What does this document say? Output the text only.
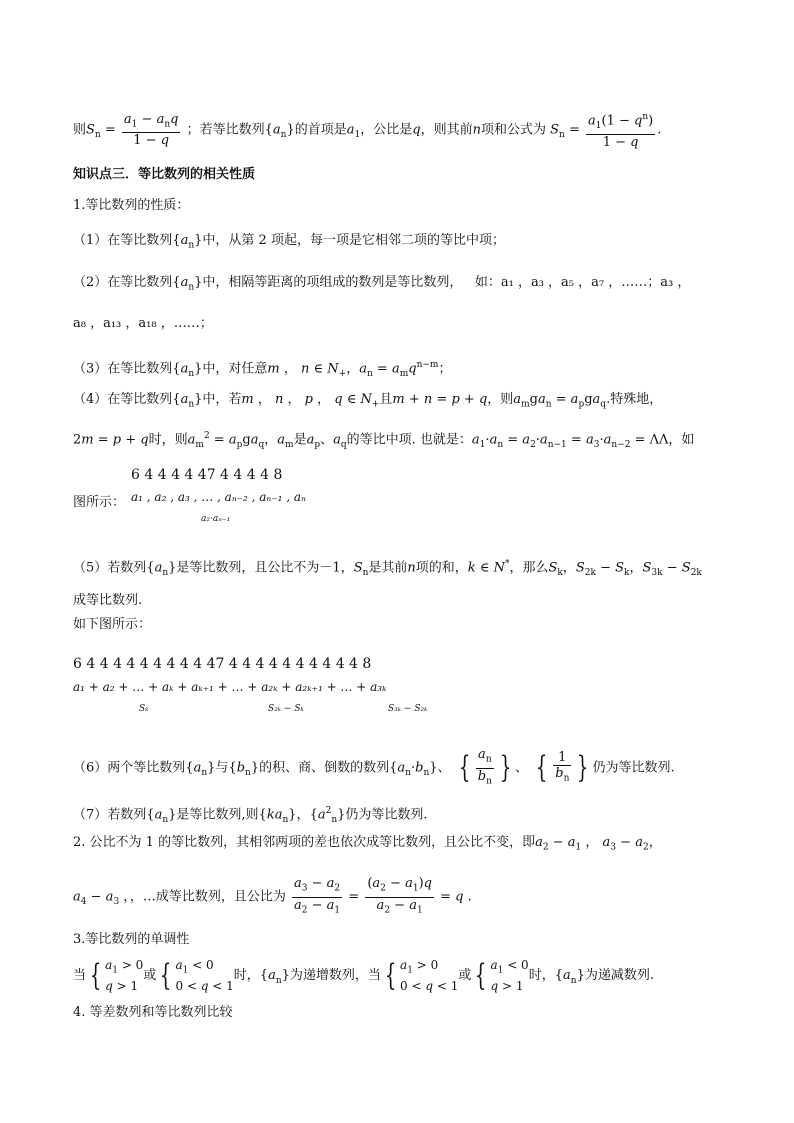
则$S_n = \frac{a_1 - a_nq}{1 - q}$ ；若等比数列$\{a_n\}$的首项是$a_1$，公比是q，则其前n项和公式为 $S_n = \frac{a_1(1 - q^n)}{1 - q}$ .
知识点三．等比数列的相关性质
1.等比数列的性质：
（1）在等比数列$\{a_n\}$中，从第 2 项起，每一项是它相邻二项的等比中项；
（2）在等比数列$\{a_n\}$中，相隔等距离的项组成的数列是等比数列， 如：a₁ ，a₃ ，a₅ ，a₇ ，……；a₃ ，
a₈ ，a₁₃ ，a₁₈ ，……；
（3）在等比数列$\{a_n\}$中，对任意m ， n ∈ $N_+$，$a_n = a_mq^{n-m}$；
（4）在等比数列$\{a_n\}$中，若m ， n ， p ， q ∈ $N_+$且m + n = p + q，则$a_mga_n = a_pga_q$.特殊地，
2m = p + q时，则$a_m^2 = a_pga_q$，$a_m$是$a_p$、$a_q$的等比中项. 也就是：$a_1\cdot a_n = a_2\cdot a_{n-1} = a_3\cdot a_{n-2} = \Lambda\Lambda$，如
6 4 4 4 4 47 4 4 4 4 8
图所示： a₁ , a₂ , a₃ , … , aₙ₋₂ , aₙ₋₁ , aₙ
a₂·aₙ₋₁
（5）若数列$\{a_n\}$是等比数列，且公比不为－1，$S_n$是其前n项的和，k ∈ N*，那么$S_k$，$S_{2k} - S_k$，$S_{3k} - S_{2k}$
成等比数列.
如下图所示：
6 4 4 4 4 4 4 4 4 4 47 4 4 4 4 4 4 4 4 4 4 8
a₁ + a₂ + … + aₖ + aₖ₊₁ + … + a₂ₖ + a₂ₖ₊₁ + … + a₃ₖ
Sₖ	S₂ₖ − Sₖ	S₃ₖ − S₂ₖ
（6）两个等比数列$\{a_n\}$与$\{b_n\}$的积、商、倒数的数列$\{a_n\cdot b_n\}$、 { $\frac{a_n}{b_n}$ } 、 { $\frac{1}{b_n}$ } 仍为等比数列.
（7）若数列$\{a_n\}$是等比数列,则$\{ka_n\}$，$\{a^2_n\}$仍为等比数列.
2. 公比不为 1 的等比数列，其相邻两项的差也依次成等比数列，且公比不变，即$a_2 - a_1$ ， $a_3 - a_2$，
$a_4 - a_3$ ，，…成等比数列，且公比为 $\frac{a_3 - a_2}{a_2 - a_1} = \frac{(a_2 - a_1)q}{a_2 - a_1} = q$ .
3.等比数列的单调性
当 { $a_1 > 0$
q > 1或 { $a_1 < 0$
0 < q < 1时，$\{a_n\}$为递增数列，当 { $a_1 > 0$
0 < q < 1或 { $a_1 < 0$
q > 1时，$\{a_n\}$为递减数列.
4. 等差数列和等比数列比较
